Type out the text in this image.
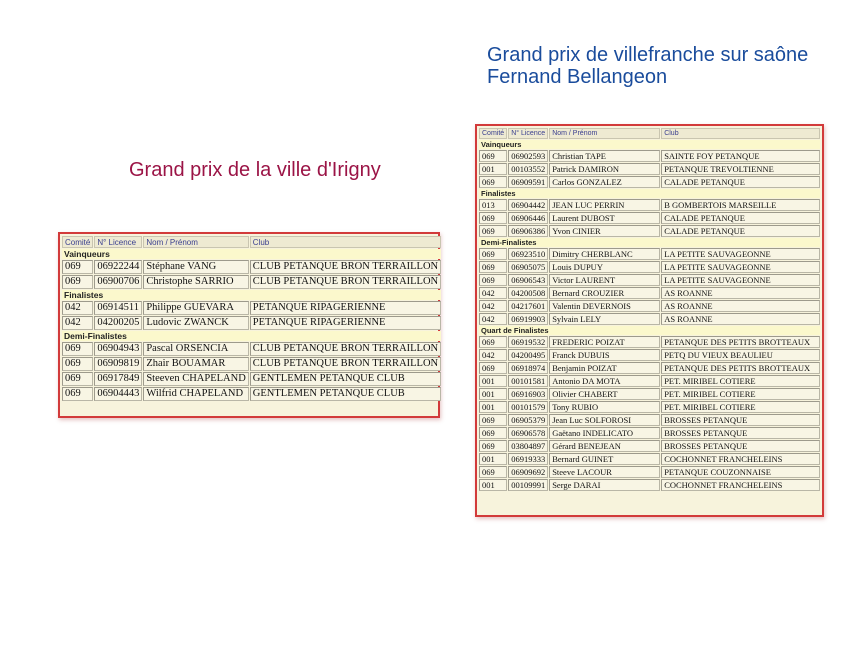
Grand prix de la ville d'Irigny
Grand prix de villefranche sur saône
Fernand Bellangeon
Comité	N° Licence	Nom / Prénom	Club
Vainqueurs			
069	06922244	Stéphane VANG	CLUB PETANQUE BRON TERRAILLON
069	06900706	Christophe SARRIO	CLUB PETANQUE BRON TERRAILLON
Finalistes			
042	06914511	Philippe GUEVARA	PETANQUE RIPAGERIENNE
042	04200205	Ludovic ZWANCK	PETANQUE RIPAGERIENNE
Demi-Finalistes			
069	06904943	Pascal ORSENCIA	CLUB PETANQUE BRON TERRAILLON
069	06909819	Zhair BOUAMAR	CLUB PETANQUE BRON TERRAILLON
069	06917849	Steeven CHAPELAND	GENTLEMEN PETANQUE CLUB
069	06904443	Wilfrid CHAPELAND	GENTLEMEN PETANQUE CLUB
Comité	N° Licence	Nom / Prénom	Club
Vainqueurs			
069	06902593	Christian TAPE	SAINTE FOY PETANQUE
001	00103552	Patrick DAMIRON	PETANQUE TREVOLTIENNE
069	06909591	Carlos GONZALEZ	CALADE PETANQUE
Finalistes			
013	06904442	JEAN LUC PERRIN	B GOMBERTOIS MARSEILLE
069	06906446	Laurent DUBOST	CALADE PETANQUE
069	06906386	Yvon CINIER	CALADE PETANQUE
Demi-Finalistes			
069	06923510	Dimitry CHERBLANC	LA PETITE SAUVAGEONNE
069	06905075	Louis DUPUY	LA PETITE SAUVAGEONNE
069	06906543	Victor LAURENT	LA PETITE SAUVAGEONNE
042	04200508	Bernard CROUZIER	AS ROANNE
042	04217601	Valentin DEVERNOIS	AS ROANNE
042	06919903	Sylvain LELY	AS ROANNE
Quart de Finalistes			
069	06919532	FREDERIC POIZAT	PETANQUE DES PETITS BROTTEAUX
042	04200495	Franck DUBUIS	PETQ DU VIEUX BEAULIEU
069	06918974	Benjamin POIZAT	PETANQUE DES PETITS BROTTEAUX
001	00101581	Antonio DA MOTA	PET. MIRIBEL COTIERE
001	06916903	Olivier CHABERT	PET. MIRIBEL COTIERE
001	00101579	Tony RUBIO	PET. MIRIBEL COTIERE
069	06905379	Jean Luc SOLFOROSI	BROSSES PETANQUE
069	06906578	Gaëtano INDELICATO	BROSSES PETANQUE
069	03804897	Gérard BENEJEAN	BROSSES PETANQUE
001	06919333	Bernard GUINET	COCHONNET FRANCHELEINS
069	06909692	Steeve LACOUR	PETANQUE COUZONNAISE
001	00109991	Serge DARAI	COCHONNET FRANCHELEINS
